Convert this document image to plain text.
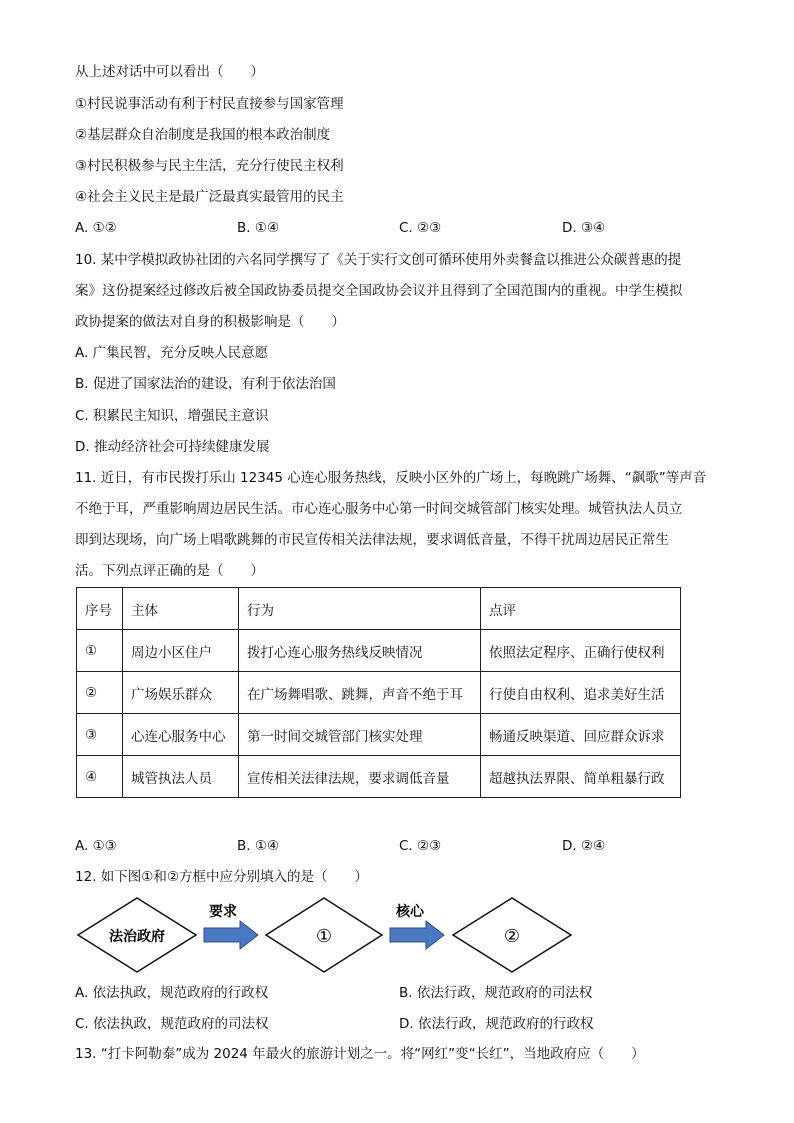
从上述对话中可以看出（　　）
①村民说事活动有利于村民直接参与国家管理
②基层群众自治制度是我国的根本政治制度
③村民积极参与民主生活，充分行使民主权利
④社会主义民主是最广泛最真实最管用的民主
A. ①②	B. ①④	C. ②③	D. ③④
10. 某中学模拟政协社团的六名同学撰写了《关于实行文创可循环使用外卖餐盒以推进公众碳普惠的提
案》这份提案经过修改后被全国政协委员提交全国政协会议并且得到了全国范围内的重视。中学生模拟
政协提案的做法对自身的积极影响是（　　）
A. 广集民智，充分反映人民意愿
B. 促进了国家法治的建设，有利于依法治国
C. 积累民主知识，增强民主意识
D. 推动经济社会可持续健康发展
11. 近日，有市民拨打乐山 12345 心连心服务热线，反映小区外的广场上，每晚跳广场舞、“飙歌”等声音
不绝于耳，严重影响周边居民生活。市心连心服务中心第一时间交城管部门核实处理。城管执法人员立
即到达现场，向广场上唱歌跳舞的市民宣传相关法律法规，要求调低音量，不得干扰周边居民正常生
活。下列点评正确的是（　　）
序号	主体	行为	点评
①	周边小区住户	拨打心连心服务热线反映情况	依照法定程序、正确行使权利
②	广场娱乐群众	在广场舞唱歌、跳舞，声音不绝于耳	行使自由权利、追求美好生活
③	心连心服务中心	第一时间交城管部门核实处理	畅通反映渠道、回应群众诉求
④	城管执法人员	宣传相关法律法规，要求调低音量	超越执法界限、简单粗暴行政
A. ①③	B. ①④	C. ②③	D. ②④
12. 如下图①和②方框中应分别填入的是（　　）
法治政府
要求
①
核心
②
A. 依法执政，规范政府的行政权	B. 依法行政，规范政府的司法权
C. 依法执政，规范政府的司法权	D. 依法行政，规范政府的行政权
13. “打卡阿勒泰”成为 2024 年最火的旅游计划之一。将“网红”变“长红”，当地政府应（　　）
